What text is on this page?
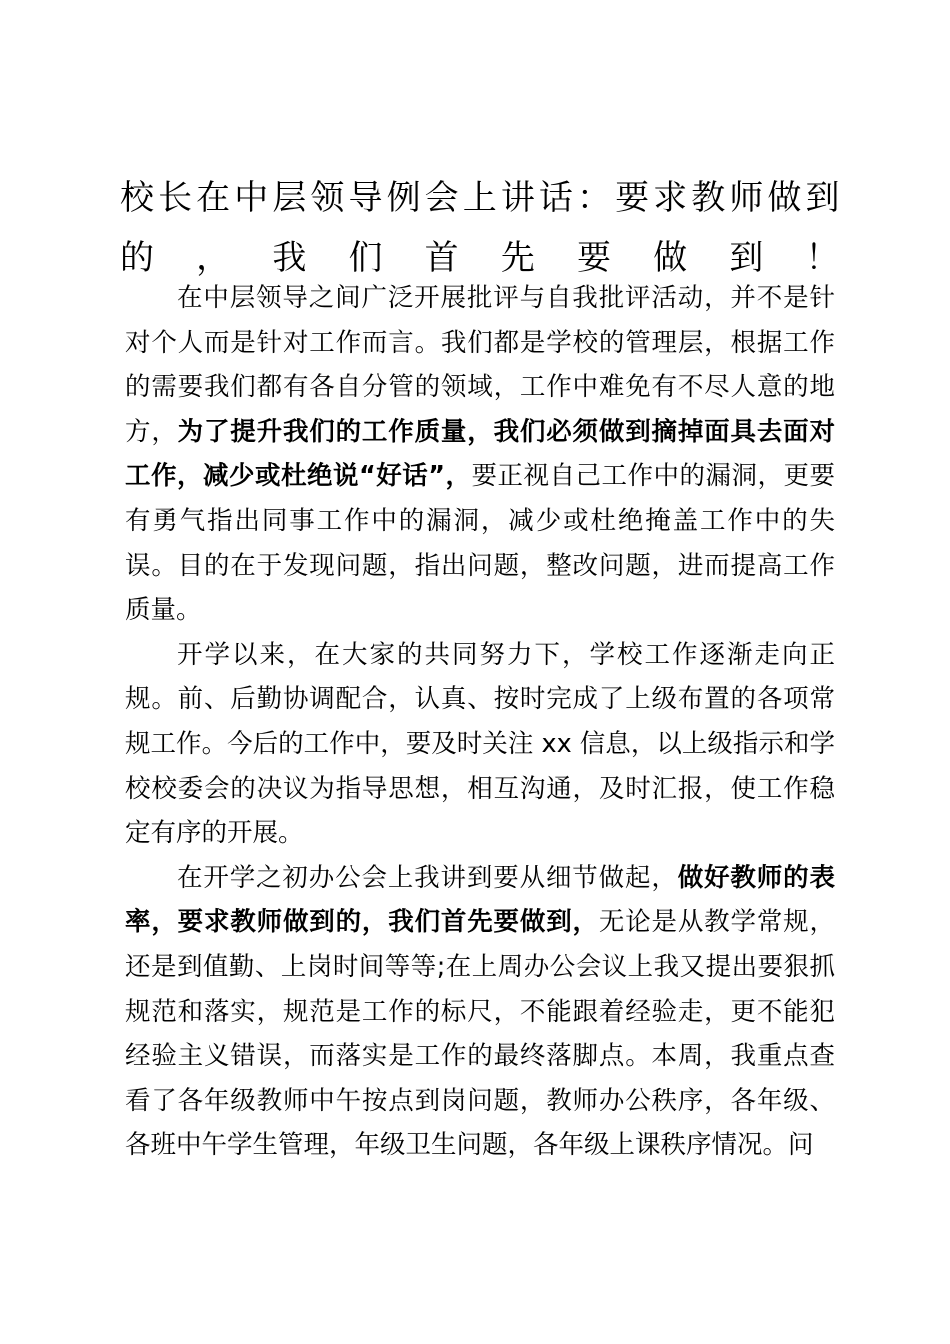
校长在中层领导例会上讲话：要求教师做到
的，我们首先要做到！
在中层领导之间广泛开展批评与自我批评活动，并不是针
对个人而是针对工作而言。我们都是学校的管理层，根据工作
的需要我们都有各自分管的领域，工作中难免有不尽人意的地
方，为了提升我们的工作质量，我们必须做到摘掉面具去面对
工作，减少或杜绝说“好话”，要正视自己工作中的漏洞，更要
有勇气指出同事工作中的漏洞，减少或杜绝掩盖工作中的失
误。目的在于发现问题，指出问题，整改问题，进而提高工作
质量。
开学以来，在大家的共同努力下，学校工作逐渐走向正
规。前、后勤协调配合，认真、按时完成了上级布置的各项常
规工作。今后的工作中，要及时关注 xx 信息，以上级指示和学
校校委会的决议为指导思想，相互沟通，及时汇报，使工作稳
定有序的开展。
在开学之初办公会上我讲到要从细节做起，做好教师的表
率，要求教师做到的，我们首先要做到，无论是从教学常规，
还是到值勤、上岗时间等等;在上周办公会议上我又提出要狠抓
规范和落实，规范是工作的标尺，不能跟着经验走，更不能犯
经验主义错误，而落实是工作的最终落脚点。本周，我重点查
看了各年级教师中午按点到岗问题，教师办公秩序，各年级、
各班中午学生管理，年级卫生问题，各年级上课秩序情况。问
